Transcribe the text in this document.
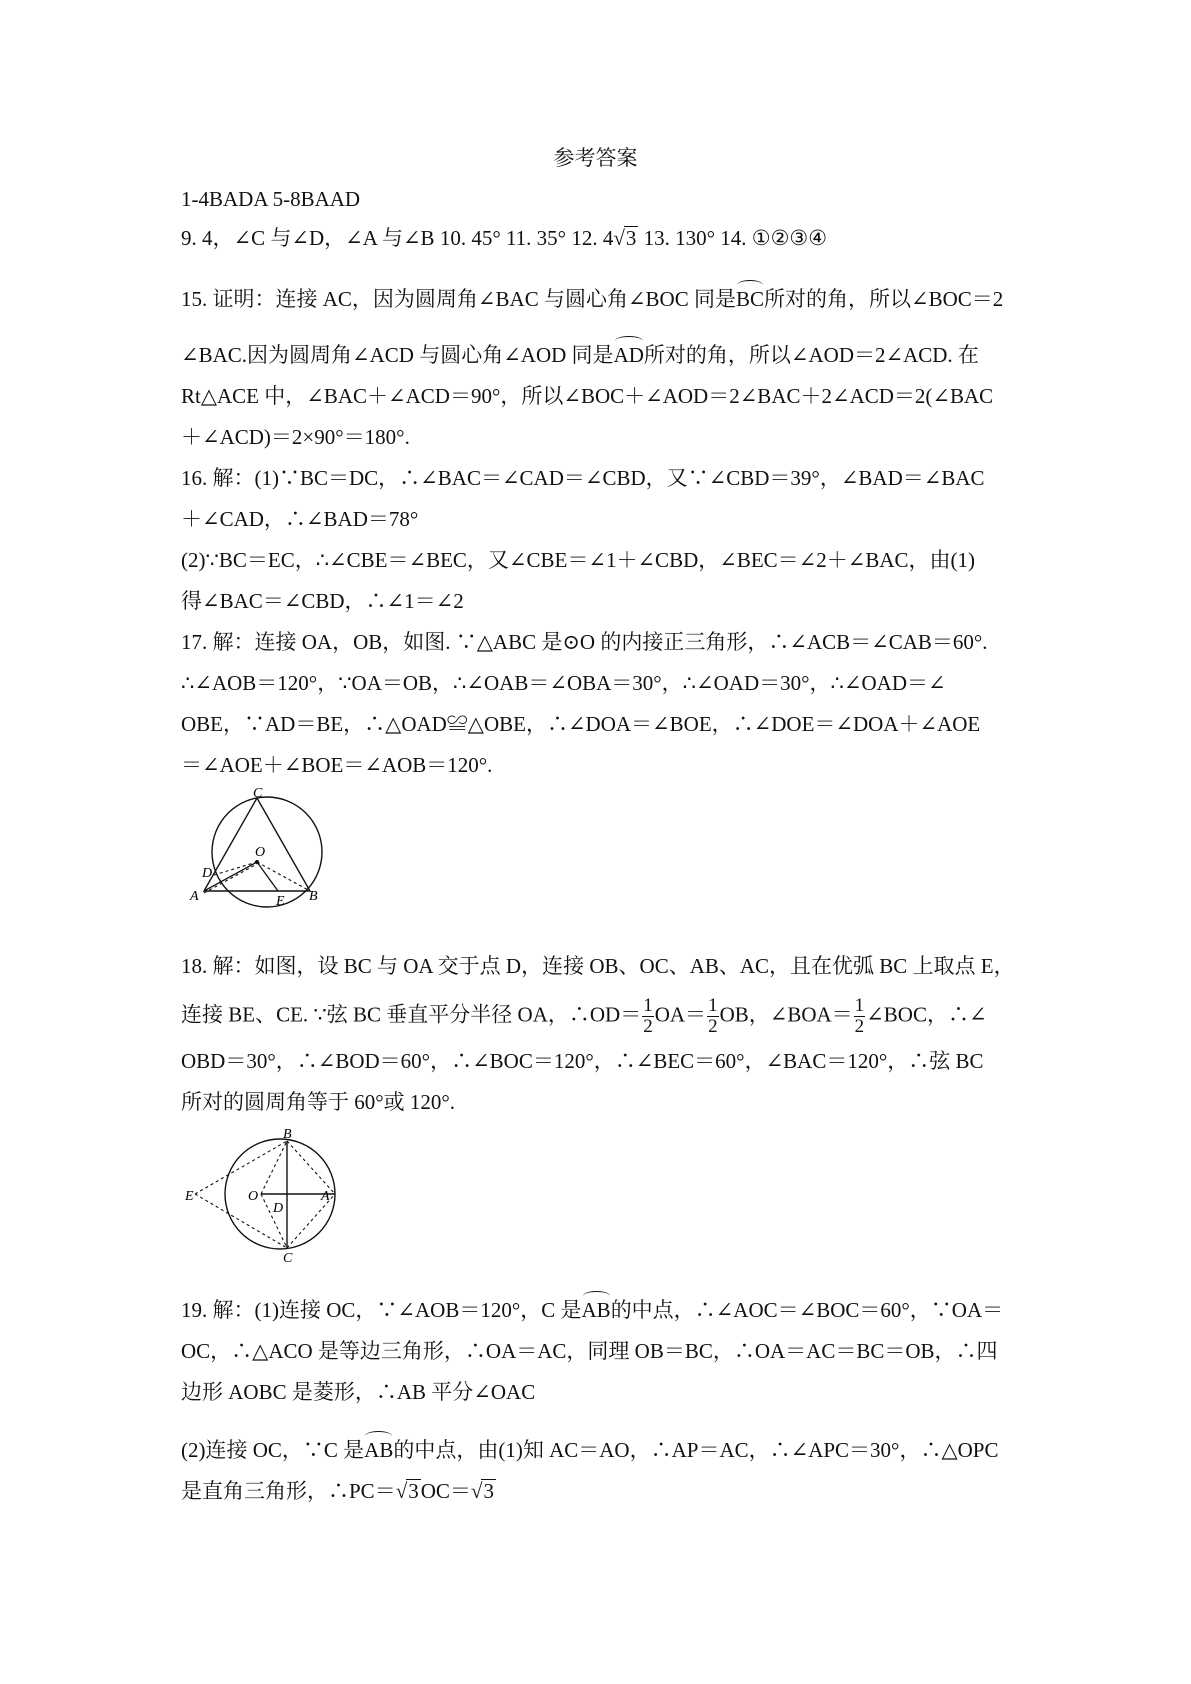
参考答案
1-4BADA 5-8BAAD
9. 4，∠C 与∠D，∠A 与∠B 10. 45° 11. 35° 12. 4√3 13. 130° 14. ①②③④
15. 证明：连接 AC，因为圆周角∠BAC 与圆心角∠BOC 同是BC所对的角，所以∠BOC＝2
∠BAC.因为圆周角∠ACD 与圆心角∠AOD 同是AD所对的角，所以∠AOD＝2∠ACD. 在
Rt△ACE 中，∠BAC＋∠ACD＝90°，所以∠BOC＋∠AOD＝2∠BAC＋2∠ACD＝2(∠BAC
＋∠ACD)＝2×90°＝180°.
16. 解：(1)∵BC＝DC，∴∠BAC＝∠CAD＝∠CBD，又∵∠CBD＝39°，∠BAD＝∠BAC
＋∠CAD，∴∠BAD＝78°
(2)∵BC＝EC，∴∠CBE＝∠BEC，又∠CBE＝∠1＋∠CBD，∠BEC＝∠2＋∠BAC，由(1)
得∠BAC＝∠CBD，∴∠1＝∠2
17. 解：连接 OA，OB，如图. ∵△ABC 是⊙O 的内接正三角形，∴∠ACB＝∠CAB＝60°.
∴∠AOB＝120°，∵OA＝OB，∴∠OAB＝∠OBA＝30°，∴∠OAD＝30°，∴∠OAD＝∠
OBE，∵AD＝BE，∴△OAD≌△OBE，∴∠DOA＝∠BOE，∴∠DOE＝∠DOA＋∠AOE
＝∠AOE＋∠BOE＝∠AOB＝120°.
C
O
D
A	E B
18. 解：如图，设 BC 与 OA 交于点 D，连接 OB、OC、AB、AC，且在优弧 BC 上取点 E，
连接 BE、CE. ∵弦 BC 垂直平分半径 OA，∴OD＝ $\frac{1}{2} OA= \frac{1}{2}$ OB，∠BOA＝ $\frac{1}{2}$ ∠BOC，∴∠
OBD＝30°，∴∠BOD＝60°，∴∠BOC＝120°，∴∠BEC＝60°，∠BAC＝120°，∴弦 BC
所对的圆周角等于 60°或 120°.
B
E	O
D
A
C
19. 解：(1)连接 OC，∵∠AOB＝120°，C 是AB的中点，∴∠AOC＝∠BOC＝60°，∵OA＝
OC，∴△ACO 是等边三角形，∴OA＝AC，同理 OB＝BC，∴OA＝AC＝BC＝OB，∴四
边形 AOBC 是菱形，∴AB 平分∠OAC
(2)连接 OC，∵C 是AB的中点，由(1)知 AC＝AO，∴AP＝AC，∴∠APC＝30°，∴△OPC
是直角三角形，∴PC＝√3OC＝√3
